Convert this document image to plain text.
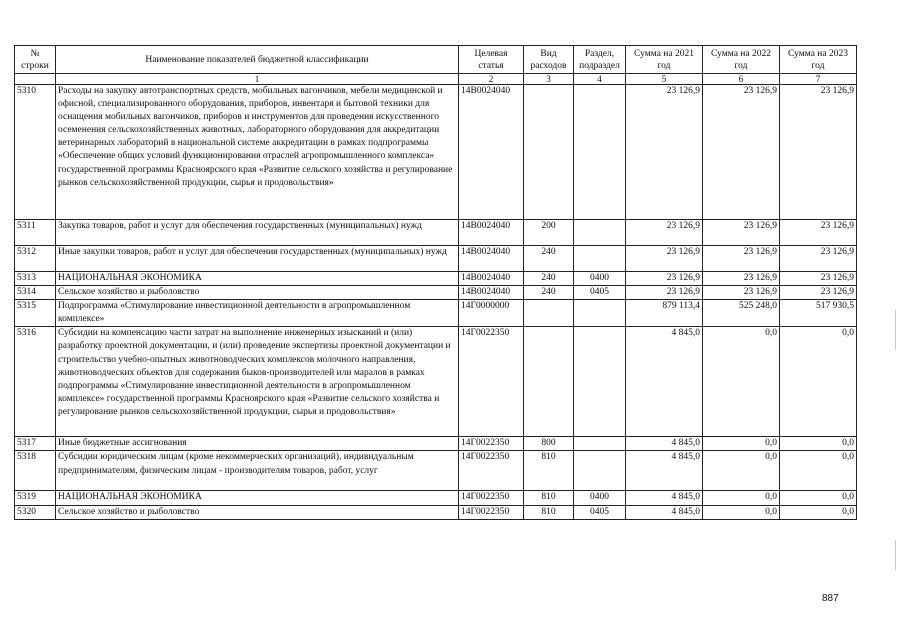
№ строки	Наименование показателей бюджетной классификации	Целевая статья	Вид расходов	Раздел, подраздел	Сумма на 2021 год	Сумма на 2022 год	Сумма на 2023 год
	1	2	3	4	5	6	7
5310	Расходы на закупку автотранспортных средств, мобильных вагончиков, мебели медицинской и офисной, специализированного оборудования, приборов, инвентаря и бытовой техники для оснащения мобильных вагончиков, приборов и инструментов для проведения искусственного осеменения сельскохозяйственных животных, лабораторного оборудования для аккредитации ветеринарных лабораторий в национальной системе аккредитации в рамках подпрограммы «Обеспечение общих условий функционирования отраслей агропромышленного комплекса» государственной программы Красноярского края «Развитие сельского хозяйства и регулирование рынков сельскохозяйственной продукции, сырья и продовольствия»	14В0024040			23 126,9	23 126,9	23 126,9
5311	Закупка товаров, работ и услуг для обеспечения государственных (муниципальных) нужд	14В0024040	200		23 126,9	23 126,9	23 126,9
5312	Иные закупки товаров, работ и услуг для обеспечения государственных (муниципальных) нужд	14В0024040	240		23 126,9	23 126,9	23 126,9
5313	НАЦИОНАЛЬНАЯ ЭКОНОМИКА	14В0024040	240	0400	23 126,9	23 126,9	23 126,9
5314	Сельское хозяйство и рыболовство	14В0024040	240	0405	23 126,9	23 126,9	23 126,9
5315	Подпрограмма «Стимулирование инвестиционной деятельности в агропромышленном комплексе»	14Г0000000			879 113,4	525 248,0	517 930,5
5316	Субсидии на компенсацию части затрат на выполнение инженерных изысканий и (или) разработку проектной документации, и (или) проведение экспертизы проектной документации и строительство учебно-опытных животноводческих комплексов молочного направления, животноводческих объектов для содержания быков-производителей или маралов в рамках подпрограммы «Стимулирование инвестиционной деятельности в агропромышленном комплексе» государственной программы Красноярского края «Развитие сельского хозяйства и регулирование рынков сельскохозяйственной продукции, сырья и продовольствия»	14Г0022350			4 845,0	0,0	0,0
5317	Иные бюджетные ассигнования	14Г0022350	800		4 845,0	0,0	0,0
5318	Субсидии юридическим лицам (кроме некоммерческих организаций), индивидуальным предпринимателям, физическим лицам - производителям товаров, работ, услуг	14Г0022350	810		4 845,0	0,0	0,0
5319	НАЦИОНАЛЬНАЯ ЭКОНОМИКА	14Г0022350	810	0400	4 845,0	0,0	0,0
5320	Сельское хозяйство и рыболовство	14Г0022350	810	0405	4 845,0	0,0	0,0
887
